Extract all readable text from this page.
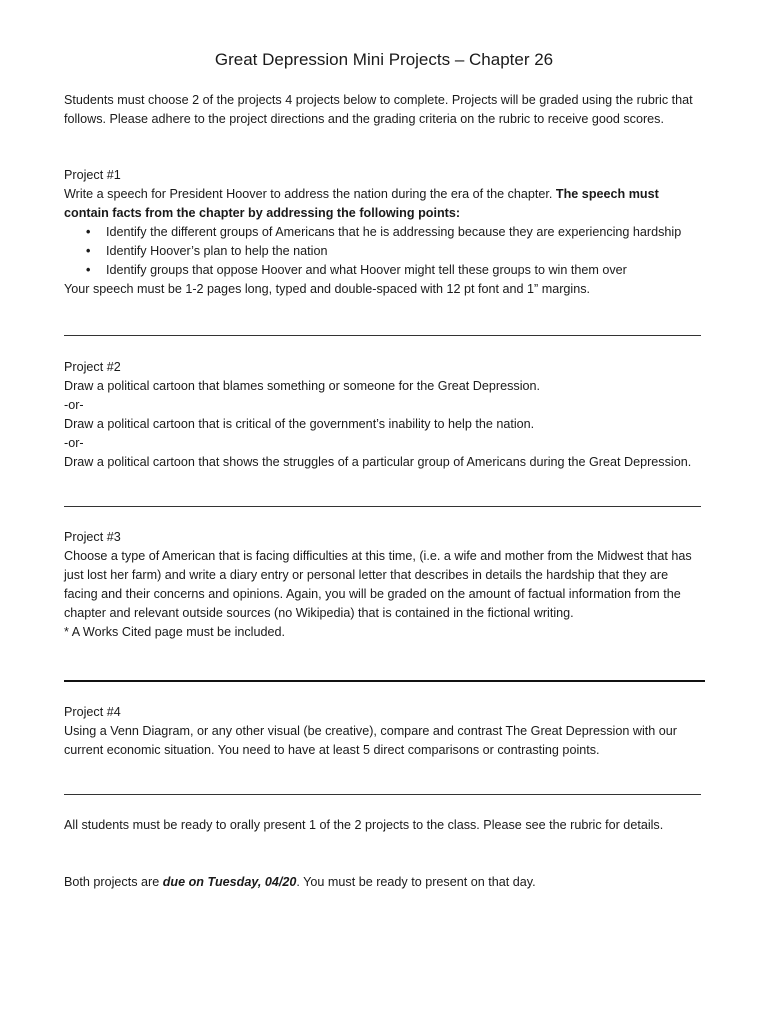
Great Depression Mini Projects – Chapter 26

Students must choose 2 of the projects 4 projects below to complete. Projects will be graded using the rubric that follows. Please adhere to the project directions and the grading criteria on the rubric to receive good scores.

Project #1

Write a speech for President Hoover to address the nation during the era of the chapter. The speech must contain facts from the chapter by addressing the following points:

• Identify the different groups of Americans that he is addressing because they are experiencing hardship
• Identify Hoover’s plan to help the nation
• Identify groups that oppose Hoover and what Hoover might tell these groups to win them over

Your speech must be 1-2 pages long, typed and double-spaced with 12 pt font and 1” margins.

Project #2

Draw a political cartoon that blames something or someone for the Great Depression.

-or-

Draw a political cartoon that is critical of the government’s inability to help the nation.

-or-

Draw a political cartoon that shows the struggles of a particular group of Americans during the Great Depression.

Project #3

Choose a type of American that is facing difficulties at this time, (i.e. a wife and mother from the Midwest that has just lost her farm) and write a diary entry or personal letter that describes in details the hardship that they are facing and their concerns and opinions. Again, you will be graded on the amount of factual information from the chapter and relevant outside sources (no Wikipedia) that is contained in the fictional writing.

* A Works Cited page must be included.

Project #4

Using a Venn Diagram, or any other visual (be creative), compare and contrast The Great Depression with our current economic situation. You need to have at least 5 direct comparisons or contrasting points.

All students must be ready to orally present 1 of the 2 projects to the class. Please see the rubric for details.

Both projects are due on Tuesday, 04/20. You must be ready to present on that day.
